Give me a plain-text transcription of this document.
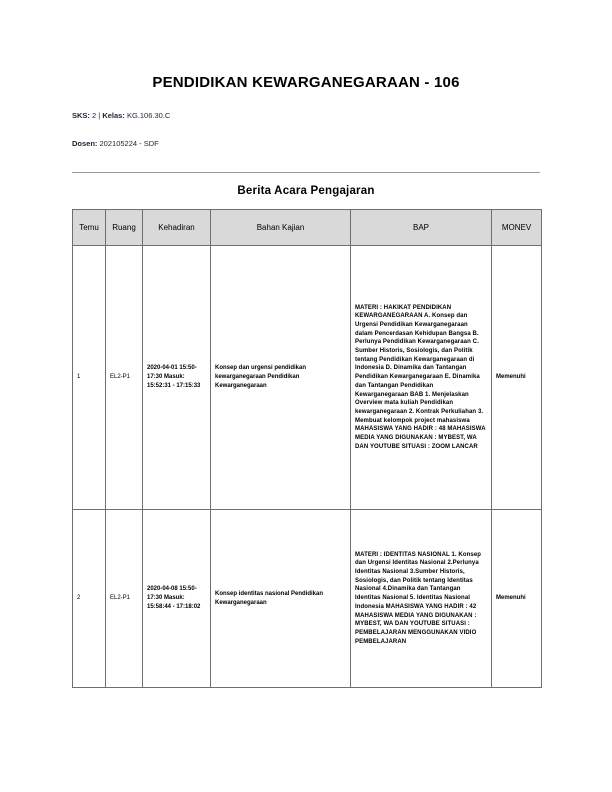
PENDIDIKAN KEWARGANEGARAAN - 106
SKS: 2 | Kelas: KG.106.30.C
Dosen: 202105224 - SDF
Berita Acara Pengajaran
Temu	Ruang	Kehadiran	Bahan Kajian	BAP	MONEV
1	EL2-P1	2020-04-01 15:50-17:30 Masuk: 15:52:31 - 17:15:33	Konsep dan urgensi pendidikan kewarganegaraan Pendidikan Kewarganegaraan	MATERI : HAKIKAT PENDIDIKAN KEWARGANEGARAAN A. Konsep dan Urgensi Pendidikan Kewarganegaraan dalam Pencerdasan Kehidupan Bangsa B. Perlunya Pendidikan Kewarganegaraan C. Sumber Historis, Sosiologis, dan Politik tentang Pendidikan Kewarganegaraan di Indonesia D. Dinamika dan Tantangan Pendidikan Kewarganegaraan E. Dinamika dan Tantangan Pendidikan Kewarganegaraan BAB 1. Menjelaskan Overview mata kuliah Pendidikan kewarganegaraan 2. Kontrak Perkuliahan 3. Membuat kelompok project mahasiswa MAHASISWA YANG HADIR : 48 MAHASISWA MEDIA YANG DIGUNAKAN : MYBEST, WA DAN YOUTUBE SITUASI : ZOOM LANCAR	Memenuhi
2	EL2-P1	2020-04-08 15:50-17:30 Masuk: 15:58:44 - 17:18:02	Konsep identitas nasional Pendidikan Kewarganegaraan	MATERI : IDENTITAS NASIONAL 1. Konsep dan Urgensi Identitas Nasional 2.Perlunya Identitas Nasional 3.Sumber Historis, Sosiologis, dan Politik tentang Identitas Nasional 4.Dinamika dan Tantangan Identitas Nasional 5. Identitas Nasional Indonesia MAHASISWA YANG HADIR : 42 MAHASISWA MEDIA YANG DIGUNAKAN : MYBEST, WA DAN YOUTUBE SITUASI : PEMBELAJARAN MENGGUNAKAN VIDIO PEMBELAJARAN	Memenuhi
